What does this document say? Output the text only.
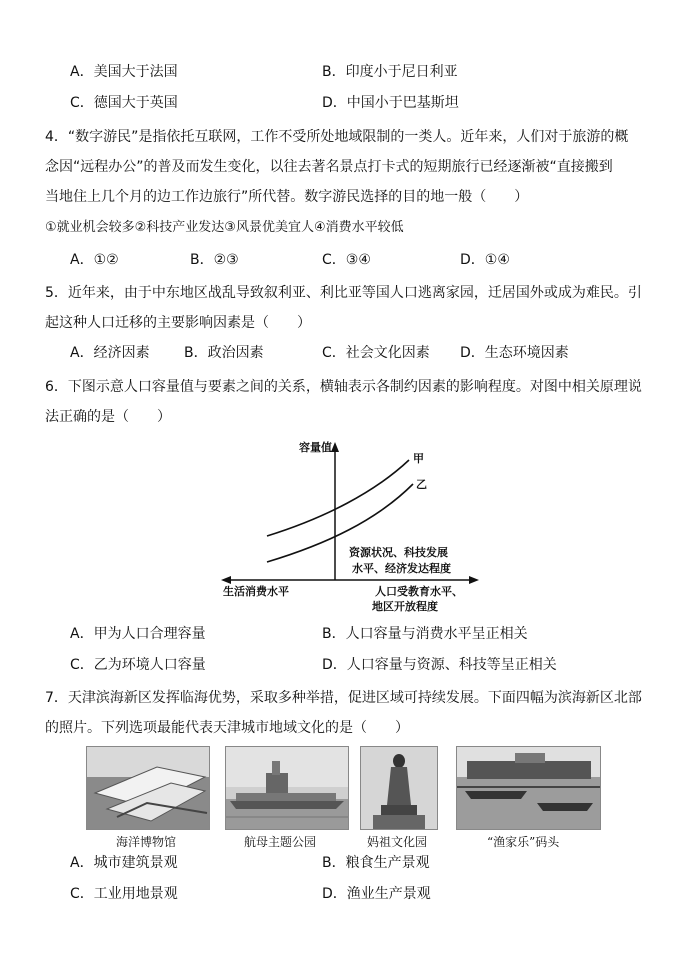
A．美国大于法国	B．印度小于尼日利亚
C．德国大于英国	D．中国小于巴基斯坦
4．“数字游民”是指依托互联网，工作不受所处地域限制的一类人。近年来，人们对于旅游的概
念因“远程办公”的普及而发生变化，以往去著名景点打卡式的短期旅行已经逐渐被“直接搬到
当地住上几个月的边工作边旅行”所代替。数字游民选择的目的地一般（　　）
①就业机会较多②科技产业发达③风景优美宜人④消费水平较低
A．①②	B．②③	C．③④	D．①④
5．近年来，由于中东地区战乱导致叙利亚、利比亚等国人口逃离家园，迁居国外或成为难民。引
起这种人口迁移的主要影响因素是（　　）
A．经济因素 B．政治因素	C．社会文化因素 D．生态环境因素
6．下图示意人口容量值与要素之间的关系，横轴表示各制约因素的影响程度。对图中相关原理说
法正确的是（　　）
容量值
甲
乙
资源状况、科技发展
水平、经济发达程度
生活消费水平	人口受教育水平、
地区开放程度
A．甲为人口合理容量	B．人口容量与消费水平呈正相关
C．乙为环境人口容量	D．人口容量与资源、科技等呈正相关
7．天津滨海新区发挥临海优势，采取多种举措，促进区域可持续发展。下面四幅为滨海新区北部
的照片。下列选项最能代表天津城市地域文化的是（　　）
海洋博物馆	航母主题公园	妈祖文化园	“渔家乐”码头
A．城市建筑景观	B．粮食生产景观
C．工业用地景观	D．渔业生产景观
